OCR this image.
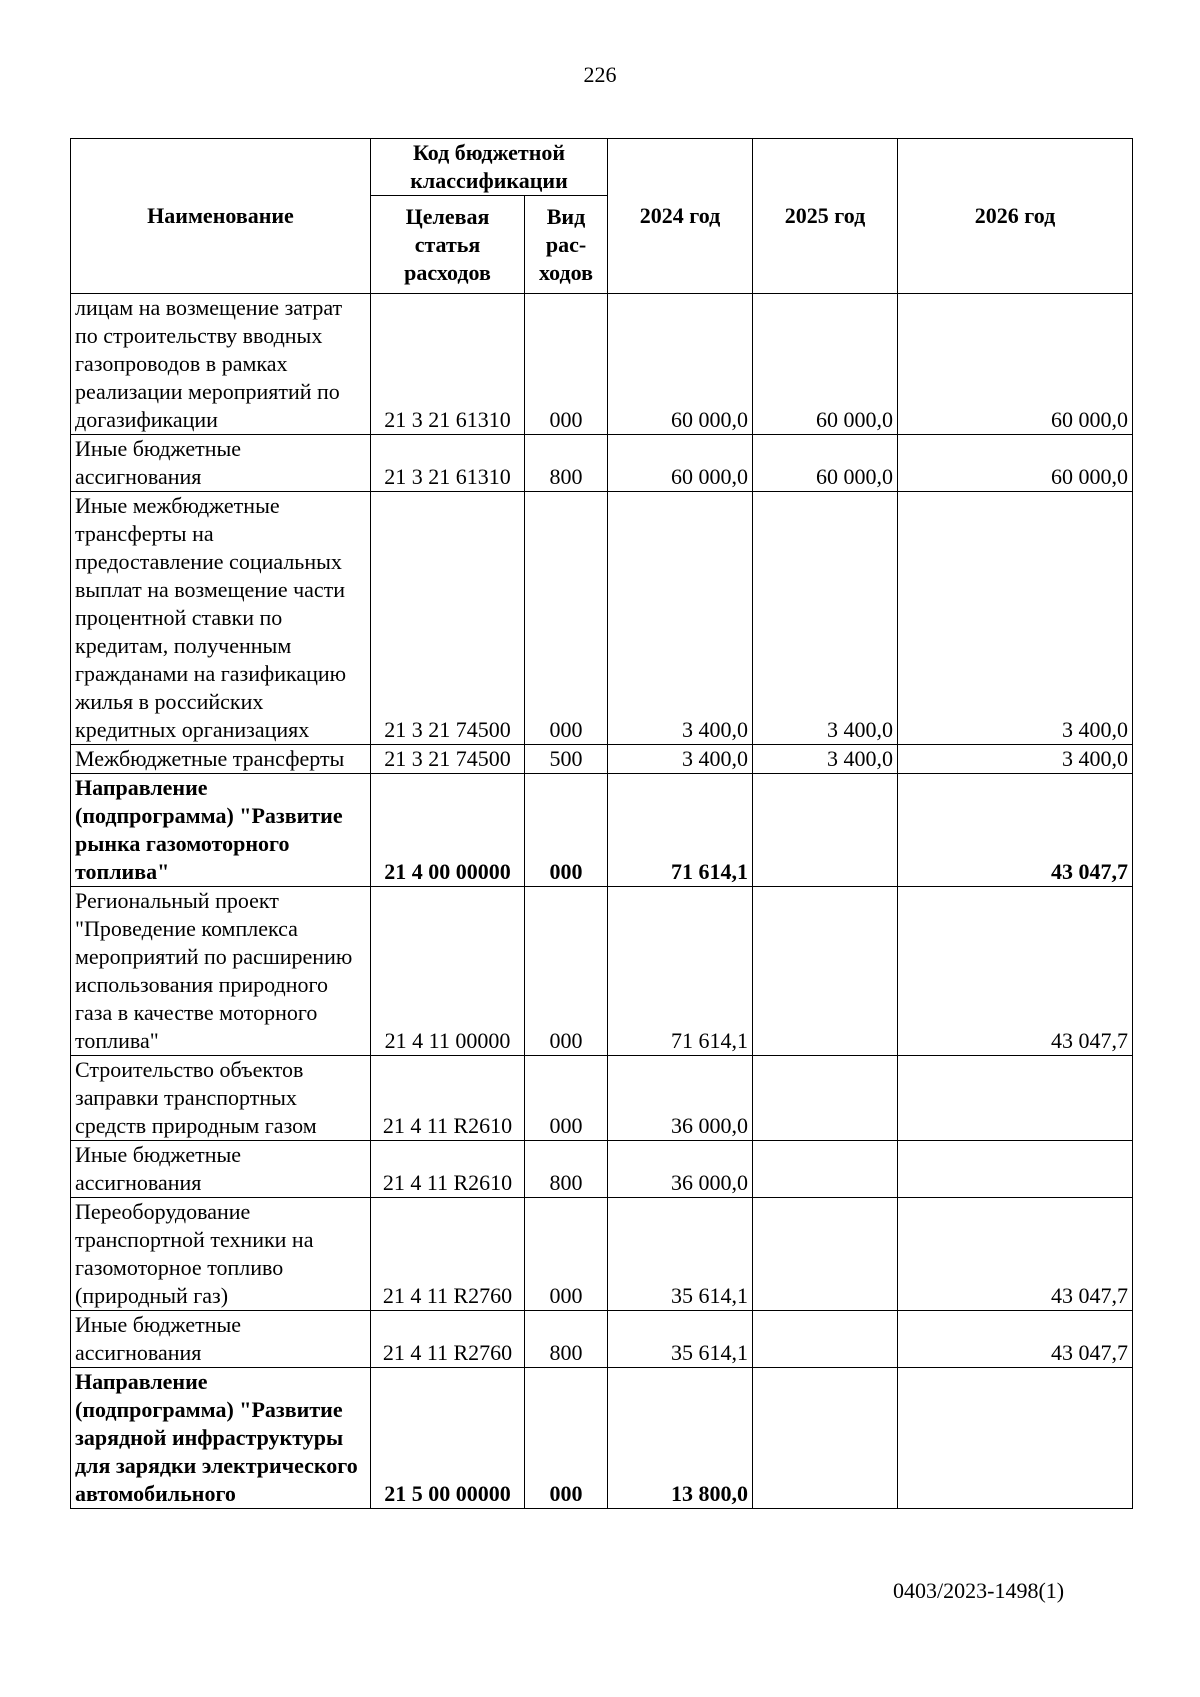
226
Наименование	Код бюджетной классификации		2024 год	2025 год	2026 год
	Целевая статья расходов	Вид рас-ходов			
лицам на возмещение затрат по строительству вводных газопроводов в рамках реализации мероприятий по догазификации	21 3 21 61310	000	60 000,0	60 000,0	60 000,0
Иные бюджетные ассигнования	21 3 21 61310	800	60 000,0	60 000,0	60 000,0
Иные межбюджетные трансферты на предоставление социальных выплат на возмещение части процентной ставки по кредитам, полученным гражданами на газификацию жилья в российских кредитных организациях	21 3 21 74500	000	3 400,0	3 400,0	3 400,0
Межбюджетные трансферты	21 3 21 74500	500	3 400,0	3 400,0	3 400,0
Направление (подпрограмма) "Развитие рынка газомоторного топлива"	21 4 00 00000	000	71 614,1		43 047,7
Региональный проект "Проведение комплекса мероприятий по расширению использования природного газа в качестве моторного топлива"	21 4 11 00000	000	71 614,1		43 047,7
Строительство объектов заправки транспортных средств природным газом	21 4 11 R2610	000	36 000,0		
Иные бюджетные ассигнования	21 4 11 R2610	800	36 000,0		
Переоборудование транспортной техники на газомоторное топливо (природный газ)	21 4 11 R2760	000	35 614,1		43 047,7
Иные бюджетные ассигнования	21 4 11 R2760	800	35 614,1		43 047,7
Направление (подпрограмма) "Развитие зарядной инфраструктуры для зарядки электрического автомобильного	21 5 00 00000	000	13 800,0		
0403/2023-1498(1)
